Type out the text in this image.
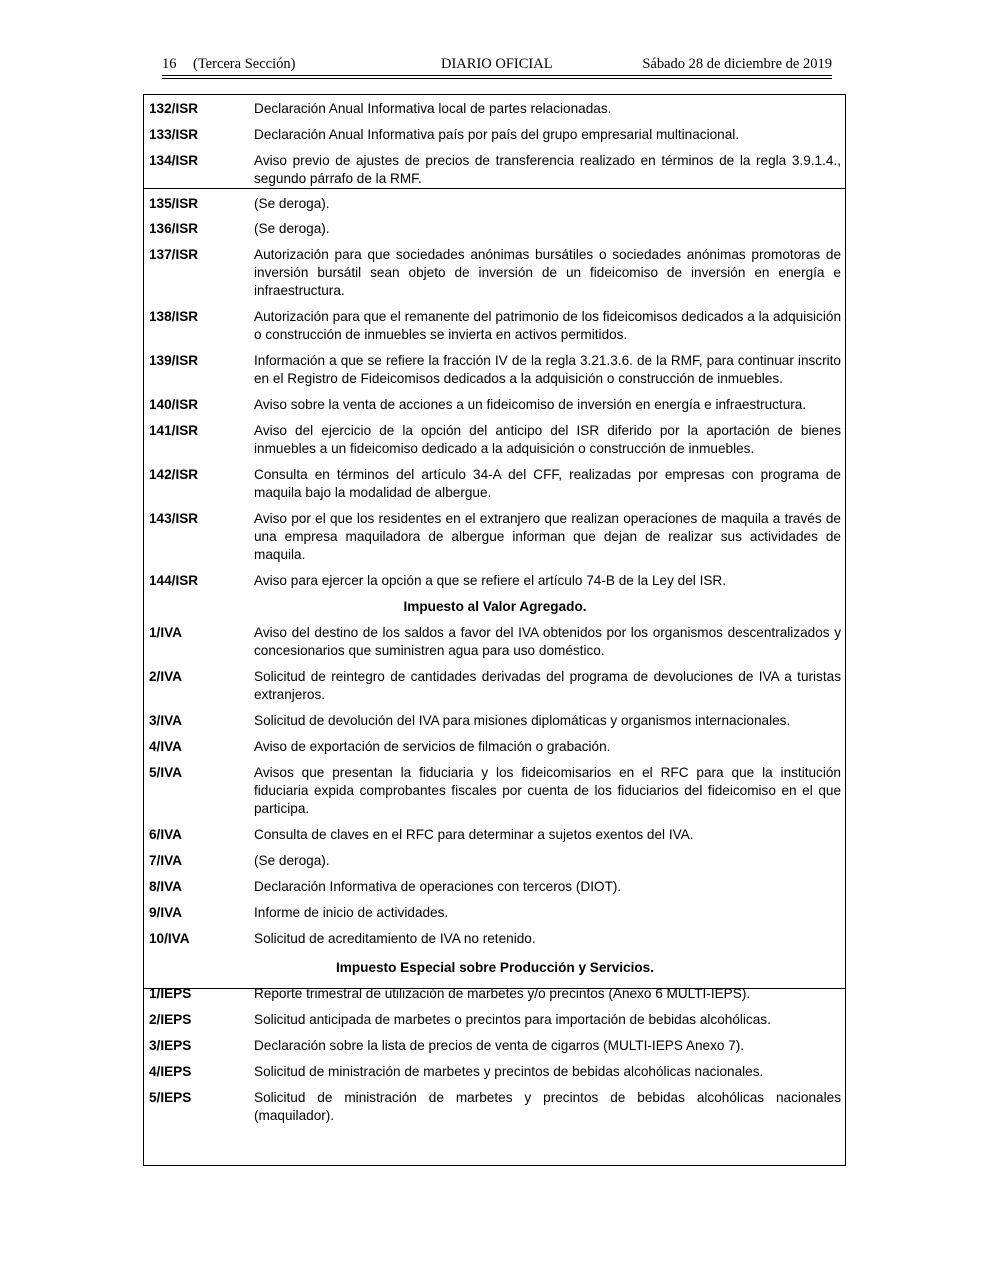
16 (Tercera Sección)	DIARIO OFICIAL	Sábado 28 de diciembre de 2019
132/ISR	Declaración Anual Informativa local de partes relacionadas.
133/ISR	Declaración Anual Informativa país por país del grupo empresarial multinacional.
134/ISR	Aviso previo de ajustes de precios de transferencia realizado en términos de la regla 3.9.1.4., segundo párrafo de la RMF.
135/ISR	(Se deroga).
136/ISR	(Se deroga).
137/ISR	Autorización para que sociedades anónimas bursátiles o sociedades anónimas promotoras de inversión bursátil sean objeto de inversión de un fideicomiso de inversión en energía e infraestructura.
138/ISR	Autorización para que el remanente del patrimonio de los fideicomisos dedicados a la adquisición o construcción de inmuebles se invierta en activos permitidos.
139/ISR	Información a que se refiere la fracción IV de la regla 3.21.3.6. de la RMF, para continuar inscrito en el Registro de Fideicomisos dedicados a la adquisición o construcción de inmuebles.
140/ISR	Aviso sobre la venta de acciones a un fideicomiso de inversión en energía e infraestructura.
141/ISR	Aviso del ejercicio de la opción del anticipo del ISR diferido por la aportación de bienes inmuebles a un fideicomiso dedicado a la adquisición o construcción de inmuebles.
142/ISR	Consulta en términos del artículo 34-A del CFF, realizadas por empresas con programa de maquila bajo la modalidad de albergue.
143/ISR	Aviso por el que los residentes en el extranjero que realizan operaciones de maquila a través de una empresa maquiladora de albergue informan que dejan de realizar sus actividades de maquila.
144/ISR	Aviso para ejercer la opción a que se refiere el artículo 74-B de la Ley del ISR.
Impuesto al Valor Agregado.
1/IVA	Aviso del destino de los saldos a favor del IVA obtenidos por los organismos descentralizados y concesionarios que suministren agua para uso doméstico.
2/IVA	Solicitud de reintegro de cantidades derivadas del programa de devoluciones de IVA a turistas extranjeros.
3/IVA	Solicitud de devolución del IVA para misiones diplomáticas y organismos internacionales.
4/IVA	Aviso de exportación de servicios de filmación o grabación.
5/IVA	Avisos que presentan la fiduciaria y los fideicomisarios en el RFC para que la institución fiduciaria expida comprobantes fiscales por cuenta de los fiduciarios del fideicomiso en el que participa.
6/IVA	Consulta de claves en el RFC para determinar a sujetos exentos del IVA.
7/IVA	(Se deroga).
8/IVA	Declaración Informativa de operaciones con terceros (DIOT).
9/IVA	Informe de inicio de actividades.
10/IVA	Solicitud de acreditamiento de IVA no retenido.
Impuesto Especial sobre Producción y Servicios.
1/IEPS	Reporte trimestral de utilización de marbetes y/o precintos (Anexo 6 MULTI-IEPS).
2/IEPS	Solicitud anticipada de marbetes o precintos para importación de bebidas alcohólicas.
3/IEPS	Declaración sobre la lista de precios de venta de cigarros (MULTI-IEPS Anexo 7).
4/IEPS	Solicitud de ministración de marbetes y precintos de bebidas alcohólicas nacionales.
5/IEPS	Solicitud de ministración de marbetes y precintos de bebidas alcohólicas nacionales (maquilador).
